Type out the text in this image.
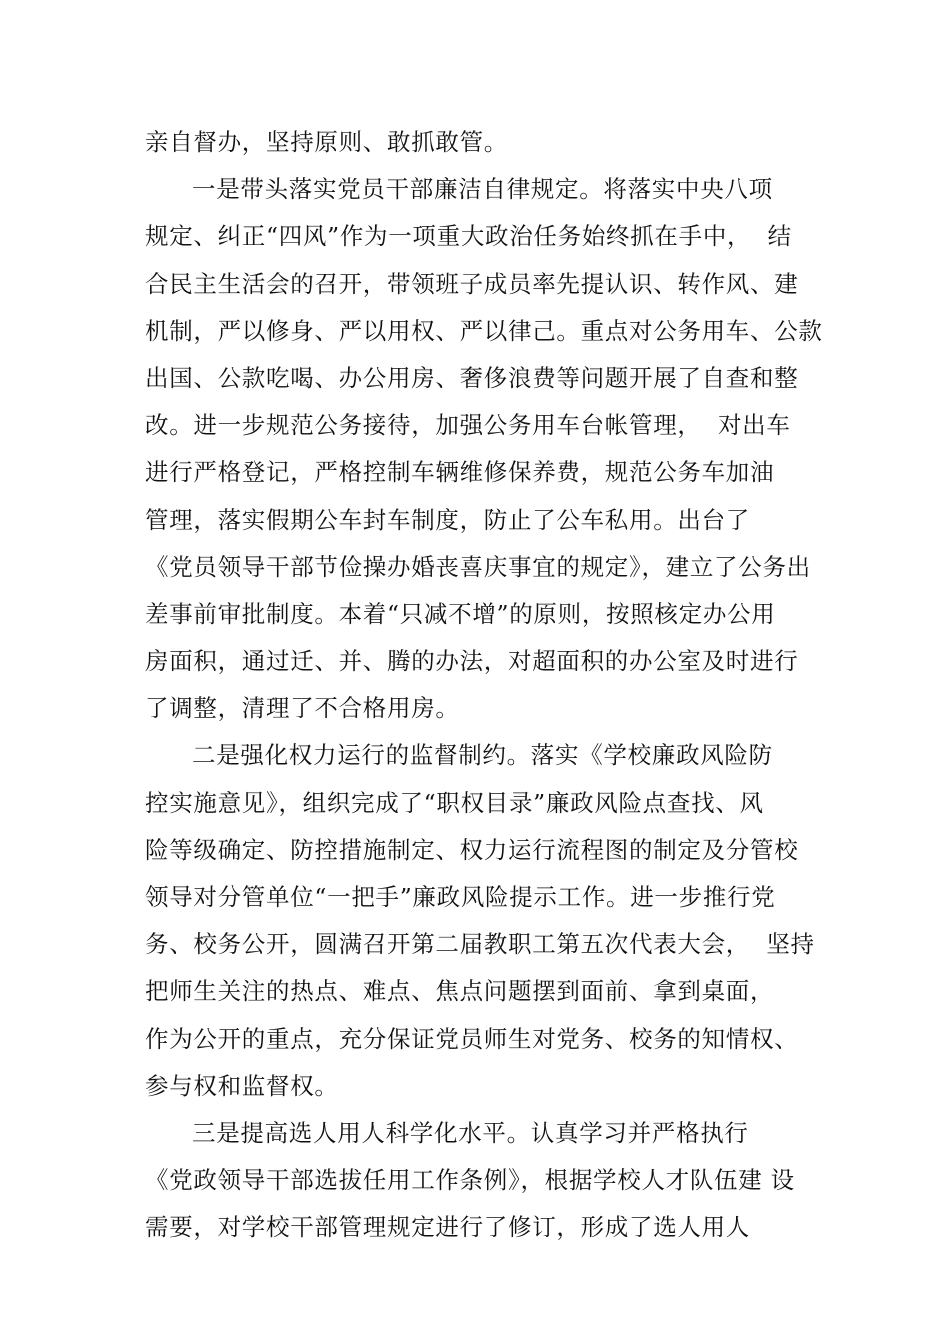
亲自督办，坚持原则、敢抓敢管。
一是带头落实党员干部廉洁自律规定。将落实中央八项
规定、纠正“四风”作为一项重大政治任务始终抓在手中，  结
合民主生活会的召开，带领班子成员率先提认识、转作风、建
机制，严以修身、严以用权、严以律己。重点对公务用车、公款
出国、公款吃喝、办公用房、奢侈浪费等问题开展了自查和整
改。进一步规范公务接待，加强公务用车台帐管理，  对出车
进行严格登记，严格控制车辆维修保养费，规范公务车加油
管理，落实假期公车封车制度，防止了公车私用。出台了
《党员领导干部节俭操办婚丧喜庆事宜的规定》，建立了公务出
差事前审批制度。本着“只减不增”的原则，按照核定办公用
房面积，通过迁、并、腾的办法，对超面积的办公室及时进行
了调整，清理了不合格用房。
二是强化权力运行的监督制约。落实《学校廉政风险防
控实施意见》，组织完成了“职权目录”廉政风险点查找、风
险等级确定、防控措施制定、权力运行流程图的制定及分管校
领导对分管单位“一把手”廉政风险提示工作。进一步推行党
务、校务公开，圆满召开第二届教职工第五次代表大会，  坚持
把师生关注的热点、难点、焦点问题摆到面前、拿到桌面，
作为公开的重点，充分保证党员师生对党务、校务的知情权、
参与权和监督权。
三是提高选人用人科学化水平。认真学习并严格执行
《党政领导干部选拔任用工作条例》，根据学校人才队伍建 设
需要，对学校干部管理规定进行了修订，形成了选人用人
